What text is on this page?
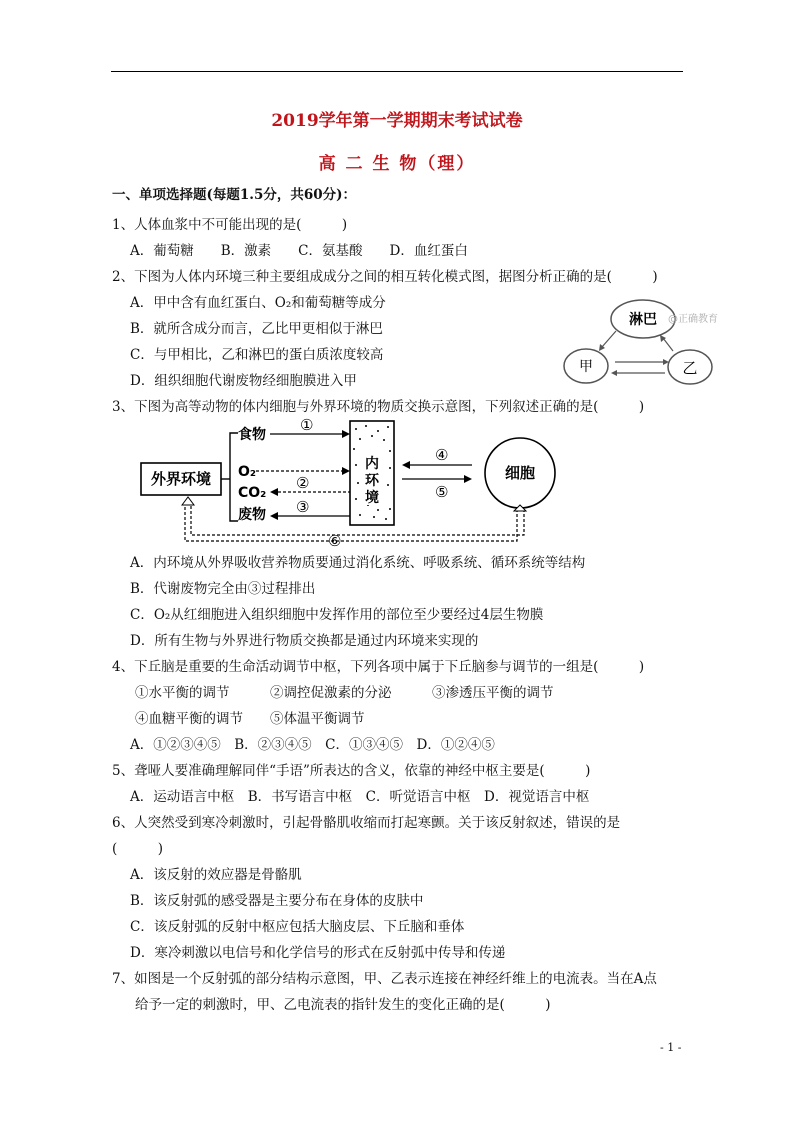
2019学年第一学期期末考试试卷
高 二 生 物（理）
一、单项选择题(每题1.5分，共60分)：
1、人体血浆中不可能出现的是(　　　)
A．葡萄糖　　B．激素　　C．氨基酸　　D．血红蛋白
2、下图为人体内环境三种主要组成成分之间的相互转化模式图，据图分析正确的是(　　　)
A．甲中含有血红蛋白、O₂和葡萄糖等成分
B．就所含成分而言，乙比甲更相似于淋巴
C．与甲相比，乙和淋巴的蛋白质浓度较高
D．组织细胞代谢废物经细胞膜进入甲
淋巴 @正确教育
甲	乙
3、下图为高等动物的体内细胞与外界环境的物质交换示意图，下列叙述正确的是(　　　)
外界环境
食物
O₂
CO₂
废物
①
②
③
内
环
境
④
⑤
细胞
⑥
A．内环境从外界吸收营养物质要通过消化系统、呼吸系统、循环系统等结构
B．代谢废物完全由③过程排出
C．O₂从红细胞进入组织细胞中发挥作用的部位至少要经过4层生物膜
D．所有生物与外界进行物质交换都是通过内环境来实现的
4、下丘脑是重要的生命活动调节中枢，下列各项中属于下丘脑参与调节的一组是(　　　)
①水平衡的调节　　　②调控促激素的分泌　　　③渗透压平衡的调节
④血糖平衡的调节　　⑤体温平衡调节
A．①②③④⑤　B．②③④⑤　C．①③④⑤　D．①②④⑤
5、聋哑人要准确理解同伴“手语”所表达的含义，依靠的神经中枢主要是(　　　)
A．运动语言中枢　B．书写语言中枢　C．听觉语言中枢　D．视觉语言中枢
6、人突然受到寒冷刺激时，引起骨骼肌收缩而打起寒颤。关于该反射叙述，错误的是
(　　　)
A．该反射的效应器是骨骼肌
B．该反射弧的感受器是主要分布在身体的皮肤中
C．该反射弧的反射中枢应包括大脑皮层、下丘脑和垂体
D．寒冷刺激以电信号和化学信号的形式在反射弧中传导和传递
7、如图是一个反射弧的部分结构示意图，甲、乙表示连接在神经纤维上的电流表。当在A点
给予一定的刺激时，甲、乙电流表的指针发生的变化正确的是(　　　)
- 1 -
